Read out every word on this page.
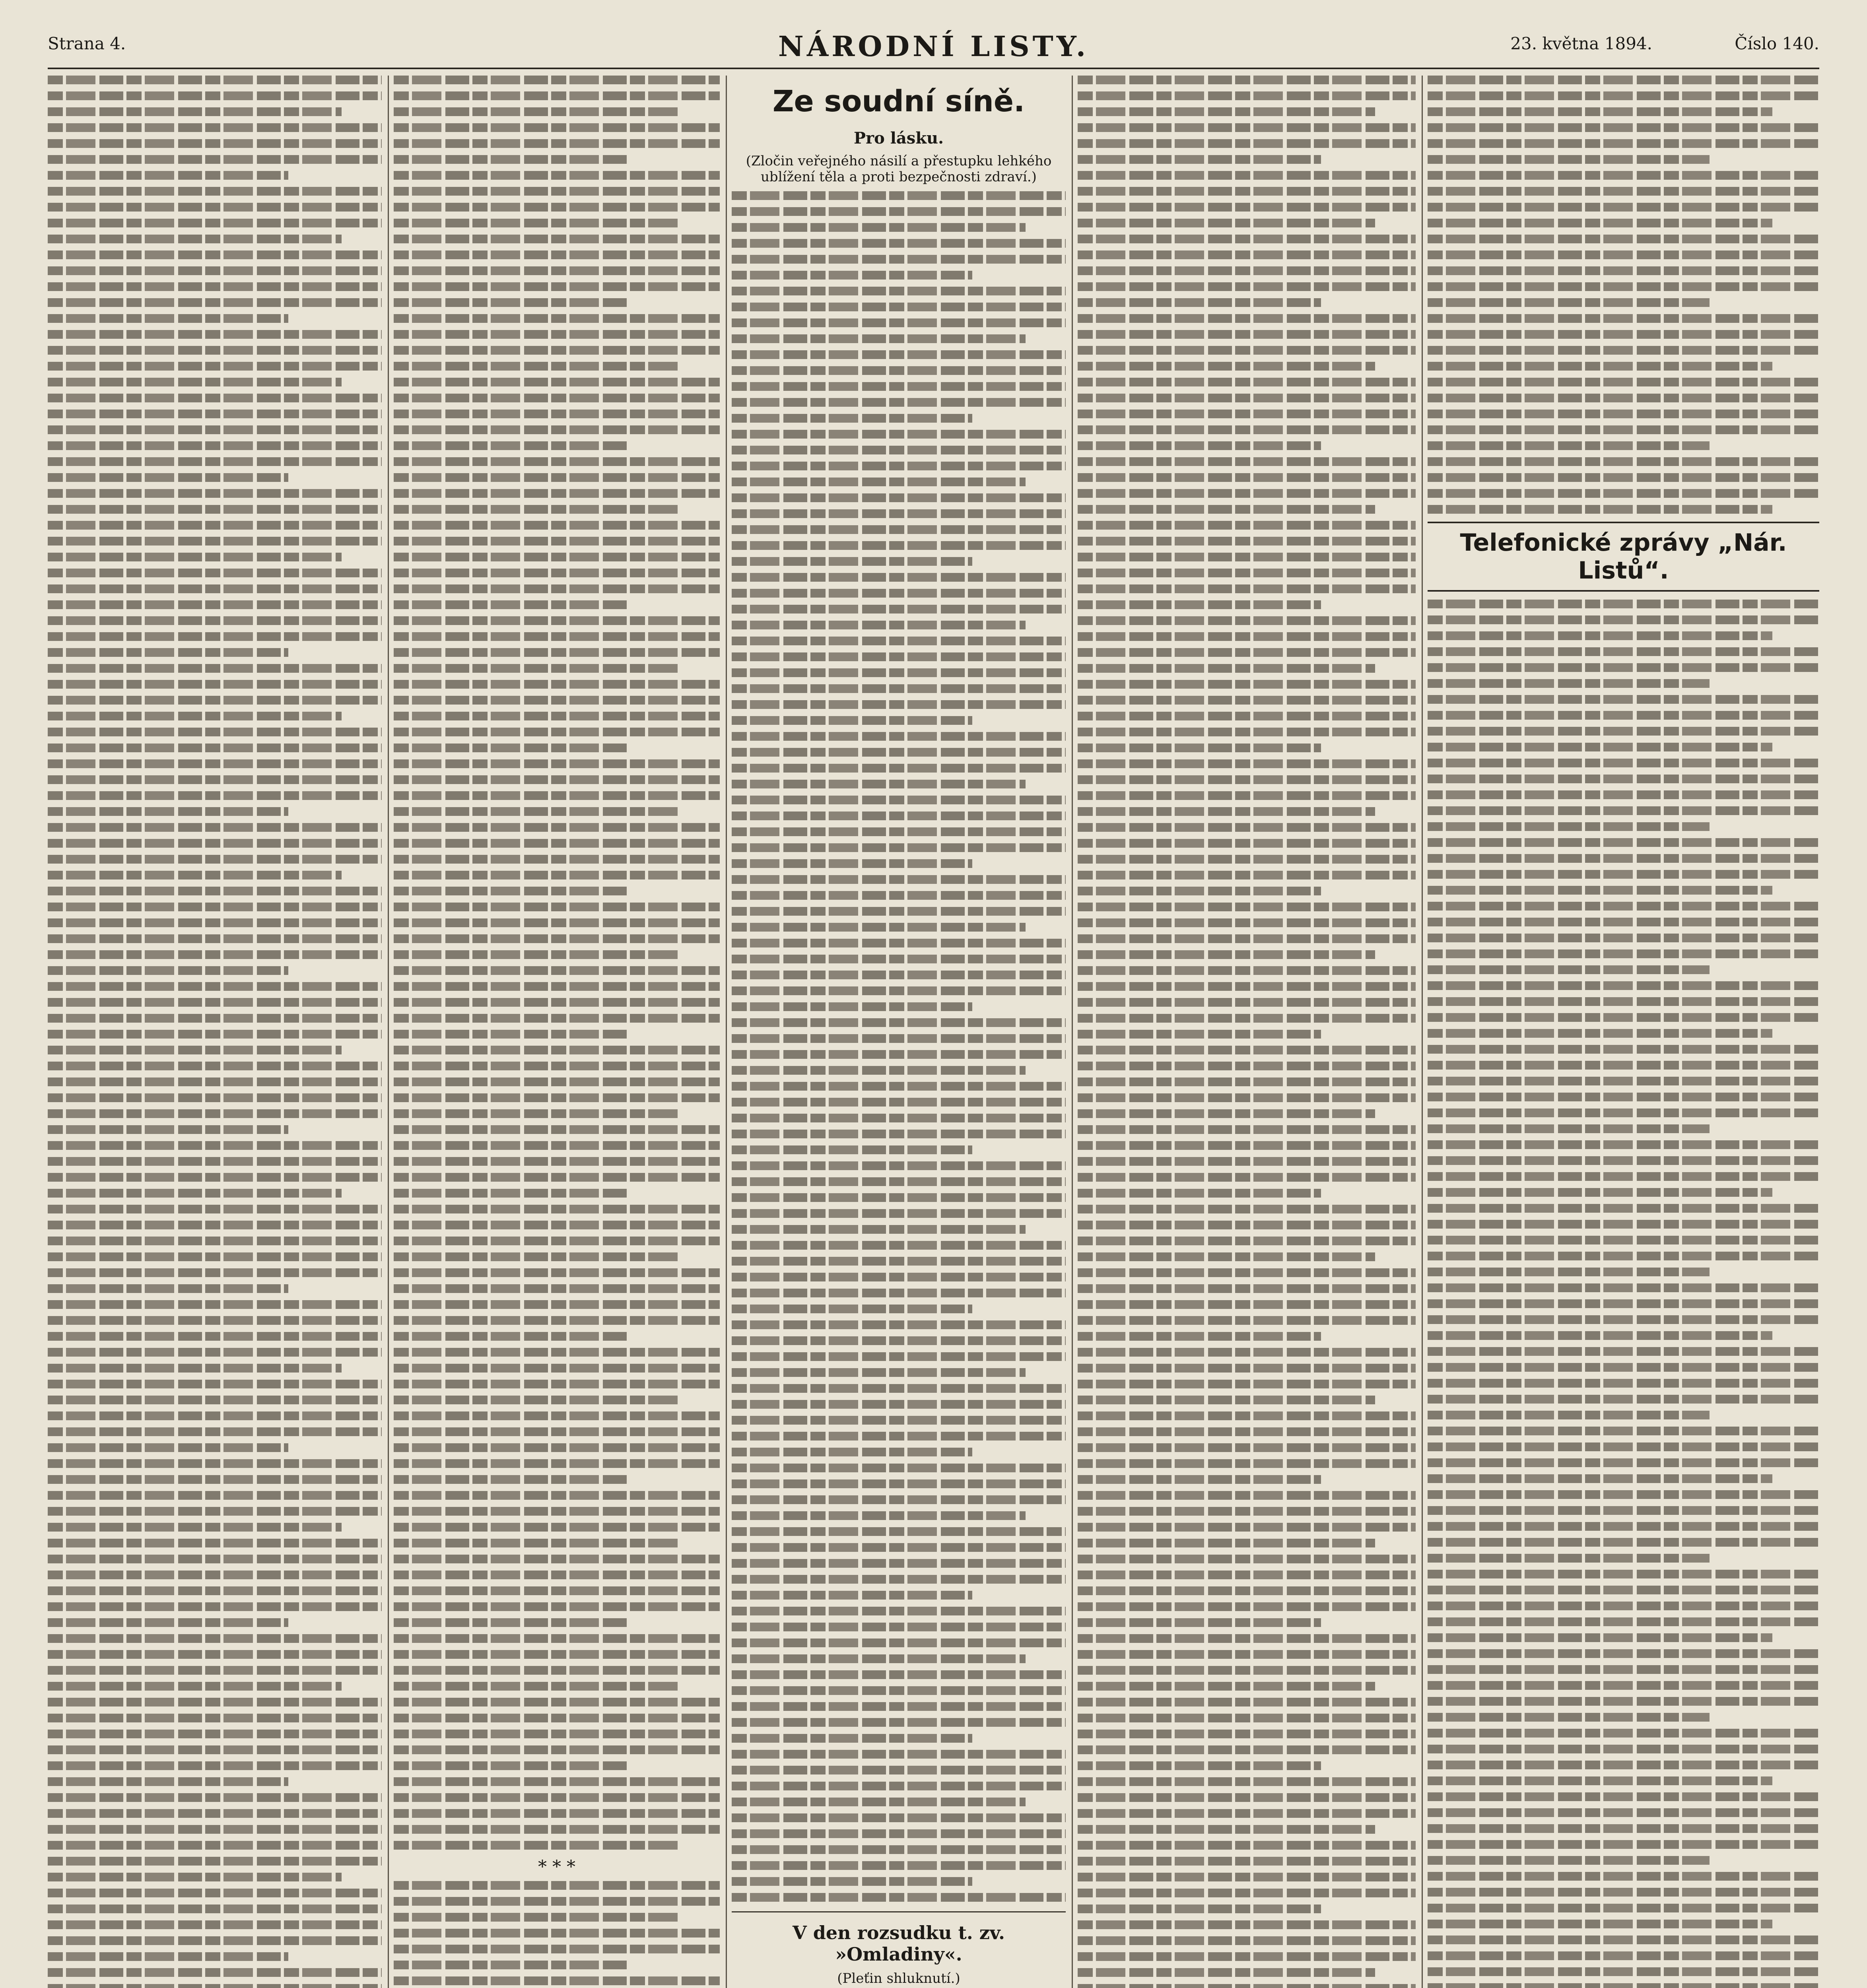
Strana 4.	NÁRODNÍ LISTY.	23. května 1894.	Číslo 140.
* * *
Ze soudní síně.
Pro lásku.
(Zločin veřejného násilí a přestupku lehkého ublížení těla a proti bezpečnosti zdraví.)
V den rozsudku t. zv. »Omladiny«.
(Pleťin shluknutí.)
Telefonické zprávy „Nár. Listů“.
